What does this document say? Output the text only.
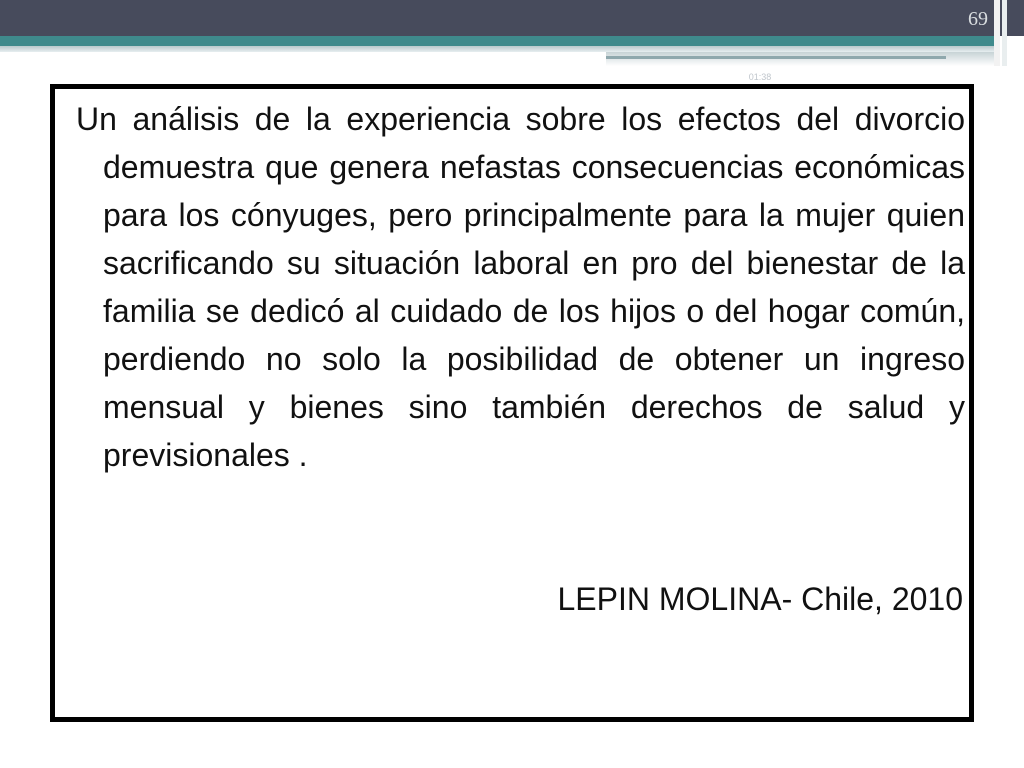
69
01:38

Un análisis de la experiencia sobre los efectos del divorcio demuestra que genera nefastas consecuencias económicas para los cónyuges, pero principalmente para la mujer quien sacrificando su situación laboral en pro del bienestar de la familia se dedicó al cuidado de los hijos o del hogar común, perdiendo no solo la posibilidad de obtener un ingreso mensual y bienes sino también derechos de salud y previsionales .

LEPIN MOLINA- Chile, 2010
